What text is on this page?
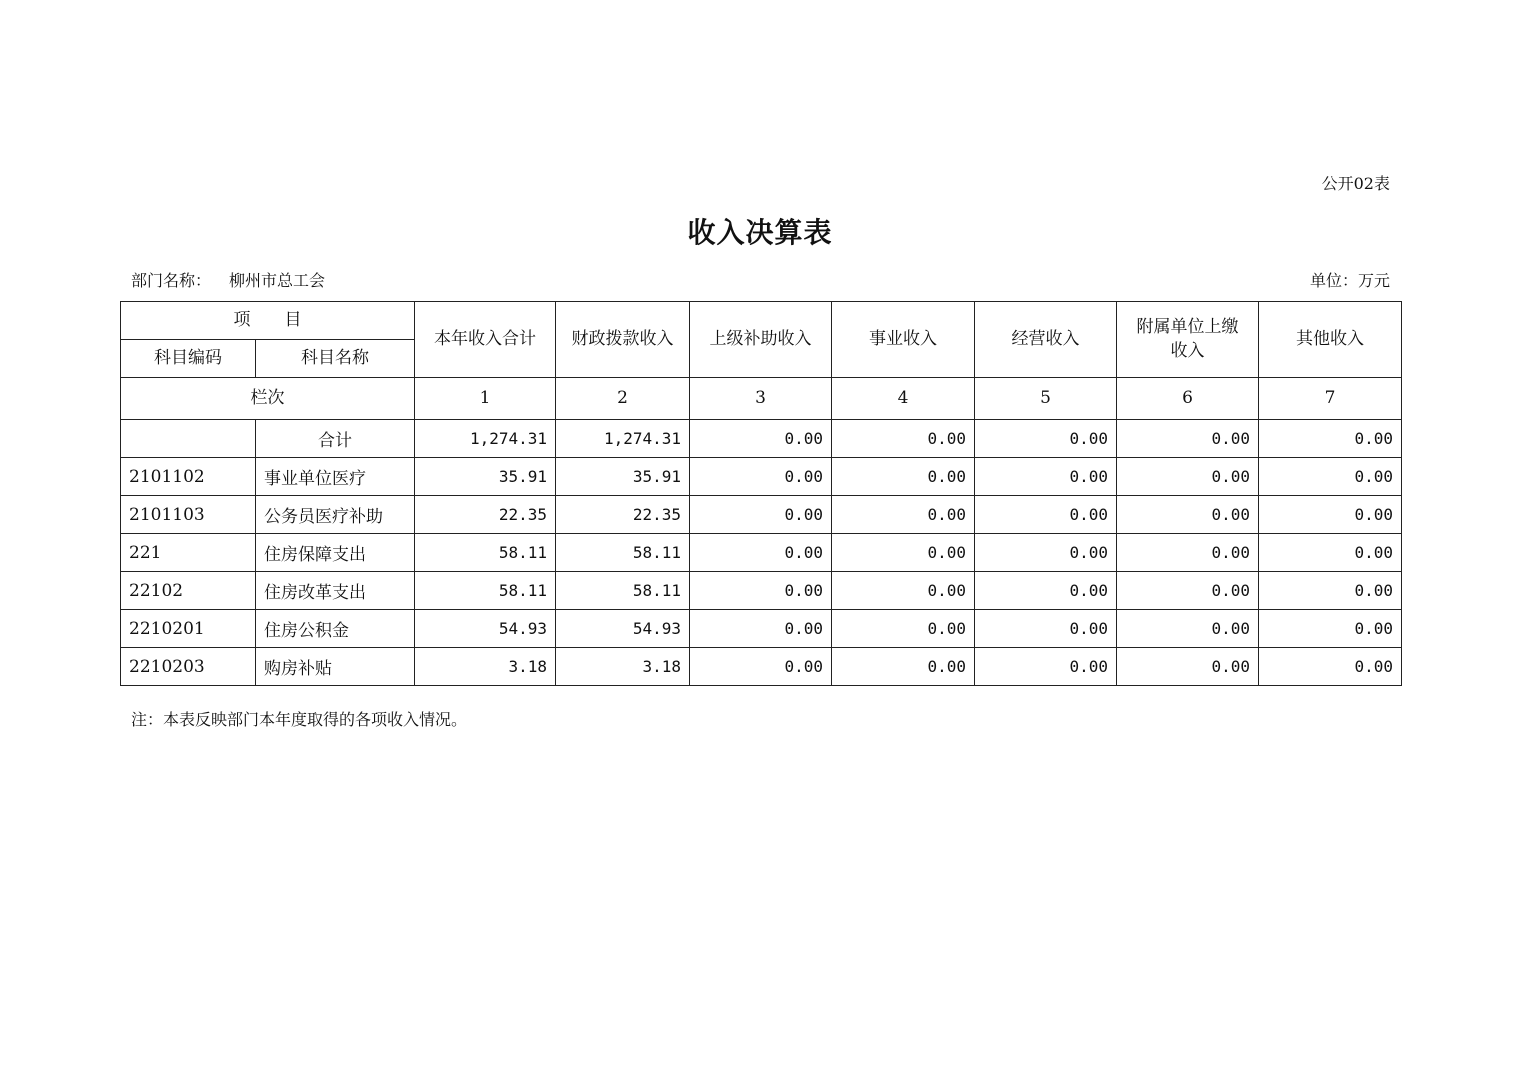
公开02表
收入决算表
部门名称： 柳州市总工会	单位：万元
项　　目		本年收入合计	财政拨款收入	上级补助收入	事业收入	经营收入	附属单位上缴收入	其他收入
科目编码	科目名称							
栏次		1	2	3	4	5	6	7
	合计	1,274.31	1,274.31	0.00	0.00	0.00	0.00	0.00
2101102	事业单位医疗	35.91	35.91	0.00	0.00	0.00	0.00	0.00
2101103	公务员医疗补助	22.35	22.35	0.00	0.00	0.00	0.00	0.00
221	住房保障支出	58.11	58.11	0.00	0.00	0.00	0.00	0.00
22102	住房改革支出	58.11	58.11	0.00	0.00	0.00	0.00	0.00
2210201	住房公积金	54.93	54.93	0.00	0.00	0.00	0.00	0.00
2210203	购房补贴	3.18	3.18	0.00	0.00	0.00	0.00	0.00
注：本表反映部门本年度取得的各项收入情况。
